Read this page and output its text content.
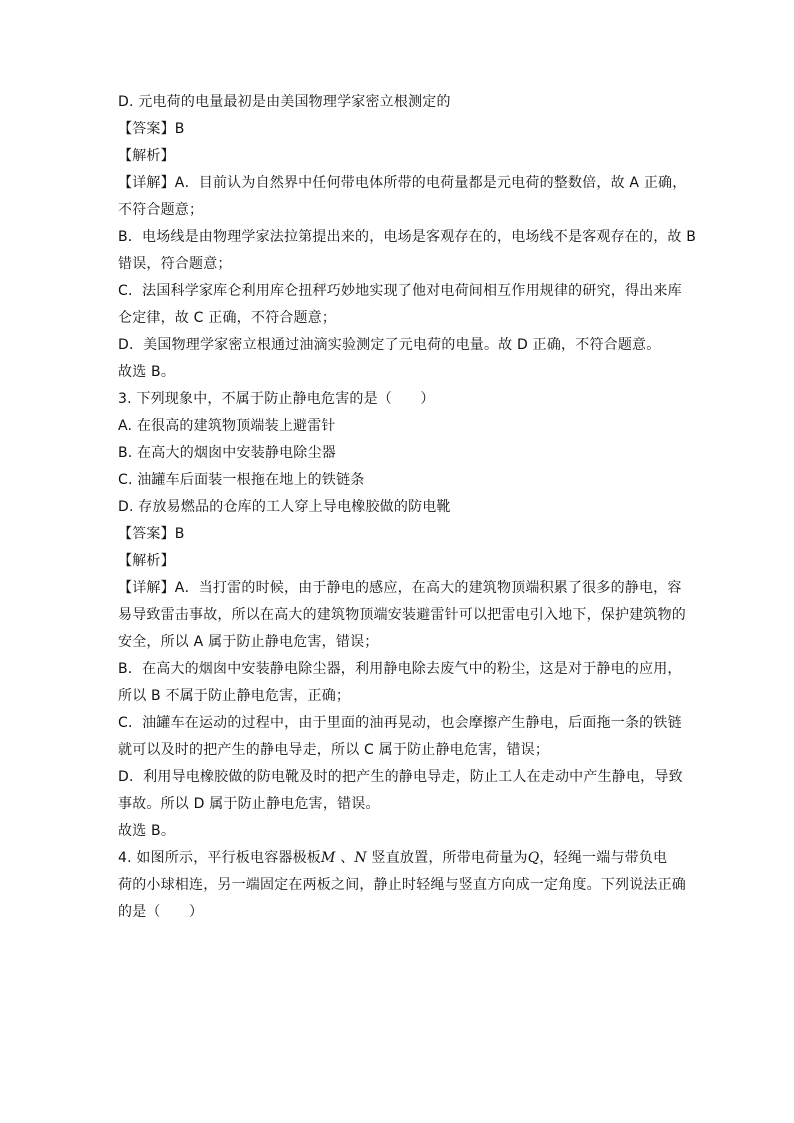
D. 元电荷的电量最初是由美国物理学家密立根测定的
【答案】B
【解析】
【详解】A．目前认为自然界中任何带电体所带的电荷量都是元电荷的整数倍，故 A 正确，
不符合题意；
B．电场线是由物理学家法拉第提出来的，电场是客观存在的，电场线不是客观存在的，故 B
错误，符合题意；
C．法国科学家库仑利用库仑扭秤巧妙地实现了他对电荷间相互作用规律的研究，得出来库
仑定律，故 C 正确，不符合题意；
D．美国物理学家密立根通过油滴实验测定了元电荷的电量。故 D 正确，不符合题意。
故选 B。
3. 下列现象中，不属于防止静电危害的是（　　）
A. 在很高的建筑物顶端装上避雷针
B. 在高大的烟囱中安装静电除尘器
C. 油罐车后面装一根拖在地上的铁链条
D. 存放易燃品的仓库的工人穿上导电橡胶做的防电靴
【答案】B
【解析】
【详解】A．当打雷的时候，由于静电的感应，在高大的建筑物顶端积累了很多的静电，容
易导致雷击事故，所以在高大的建筑物顶端安装避雷针可以把雷电引入地下，保护建筑物的
安全，所以 A 属于防止静电危害，错误；
B．在高大的烟囱中安装静电除尘器，利用静电除去废气中的粉尘，这是对于静电的应用，
所以 B 不属于防止静电危害，正确；
C．油罐车在运动的过程中，由于里面的油再晃动，也会摩擦产生静电，后面拖一条的铁链
就可以及时的把产生的静电导走，所以 C 属于防止静电危害，错误；
D．利用导电橡胶做的防电靴及时的把产生的静电导走，防止工人在走动中产生静电，导致
事故。所以 D 属于防止静电危害，错误。
故选 B。
4. 如图所示，平行板电容器极板M 、N 竖直放置，所带电荷量为Q，轻绳一端与带负电
荷的小球相连，另一端固定在两板之间，静止时轻绳与竖直方向成一定角度。下列说法正确
的是（　　）
